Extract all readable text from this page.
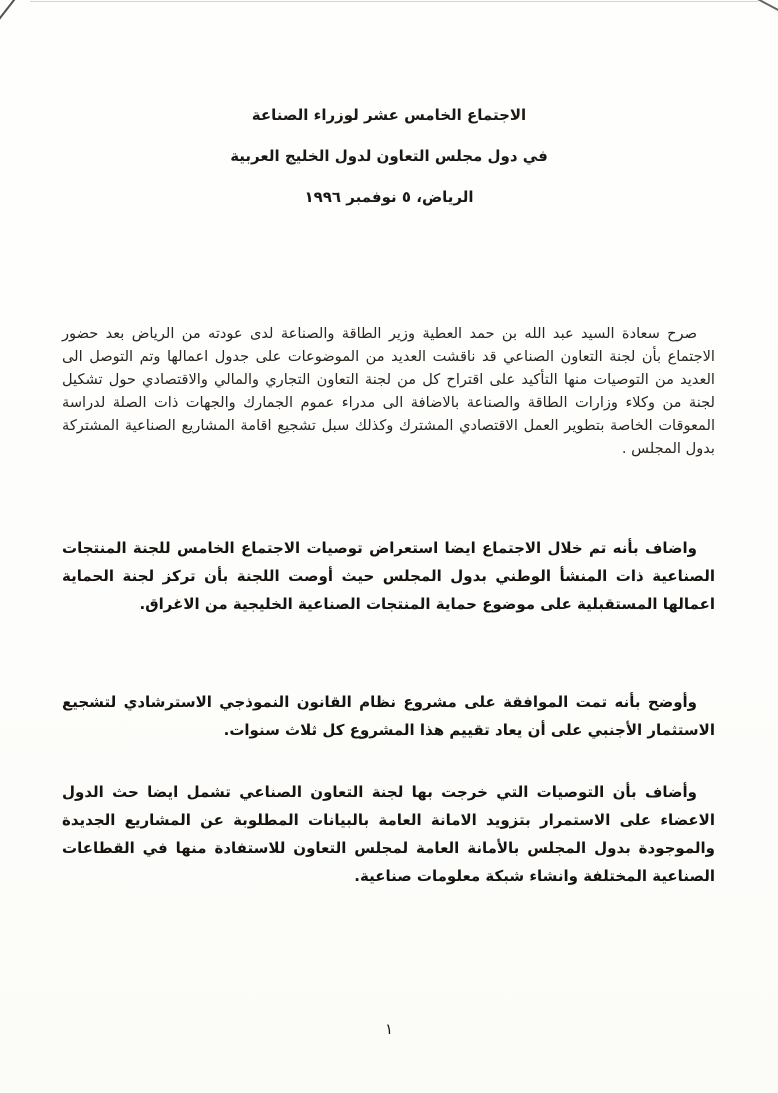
الاجتماع الخامس عشر لوزراء الصناعة
في دول مجلس التعاون لدول الخليج العربية
الرياض، ٥ نوفمبر ١٩٩٦

صرح سعادة السيد عبد الله بن حمد العطية وزير الطاقة والصناعة لدى عودته من الرياض بعد حضور الاجتماع بأن لجنة التعاون الصناعي قد ناقشت العديد من الموضوعات على جدول اعمالها وتم التوصل الى العديد من التوصيات منها التأكيد على اقتراح كل من لجنة التعاون التجاري والمالي والاقتصادي حول تشكيل لجنة من وكلاء وزارات الطاقة والصناعة بالاضافة الى مدراء عموم الجمارك والجهات ذات الصلة لدراسة المعوقات الخاصة بتطوير العمل الاقتصادي المشترك وكذلك سبل تشجيع اقامة المشاريع الصناعية المشتركة بدول المجلس .

واضاف بأنه تم خلال الاجتماع ايضا استعراض توصيات الاجتماع الخامس للجنة المنتجات الصناعية ذات المنشأ الوطني بدول المجلس حيث أوصت اللجنة بأن تركز لجنة الحماية اعمالها المستقبلية على موضوع حماية المنتجات الصناعية الخليجية من الاغراق.

وأوضح بأنه تمت الموافقة على مشروع نظام القانون النموذجي الاسترشادي لتشجيع الاستثمار الأجنبي على أن يعاد تقييم هذا المشروع كل ثلاث سنوات.

وأضاف بأن التوصيات التي خرجت بها لجنة التعاون الصناعي تشمل ايضا حث الدول الاعضاء على الاستمرار بتزويد الامانة العامة بالبيانات المطلوبة عن المشاريع الجديدة والموجودة بدول المجلس بالأمانة العامة لمجلس التعاون للاستفادة منها في القطاعات الصناعية المختلفة وانشاء شبكة معلومات صناعية.

١
